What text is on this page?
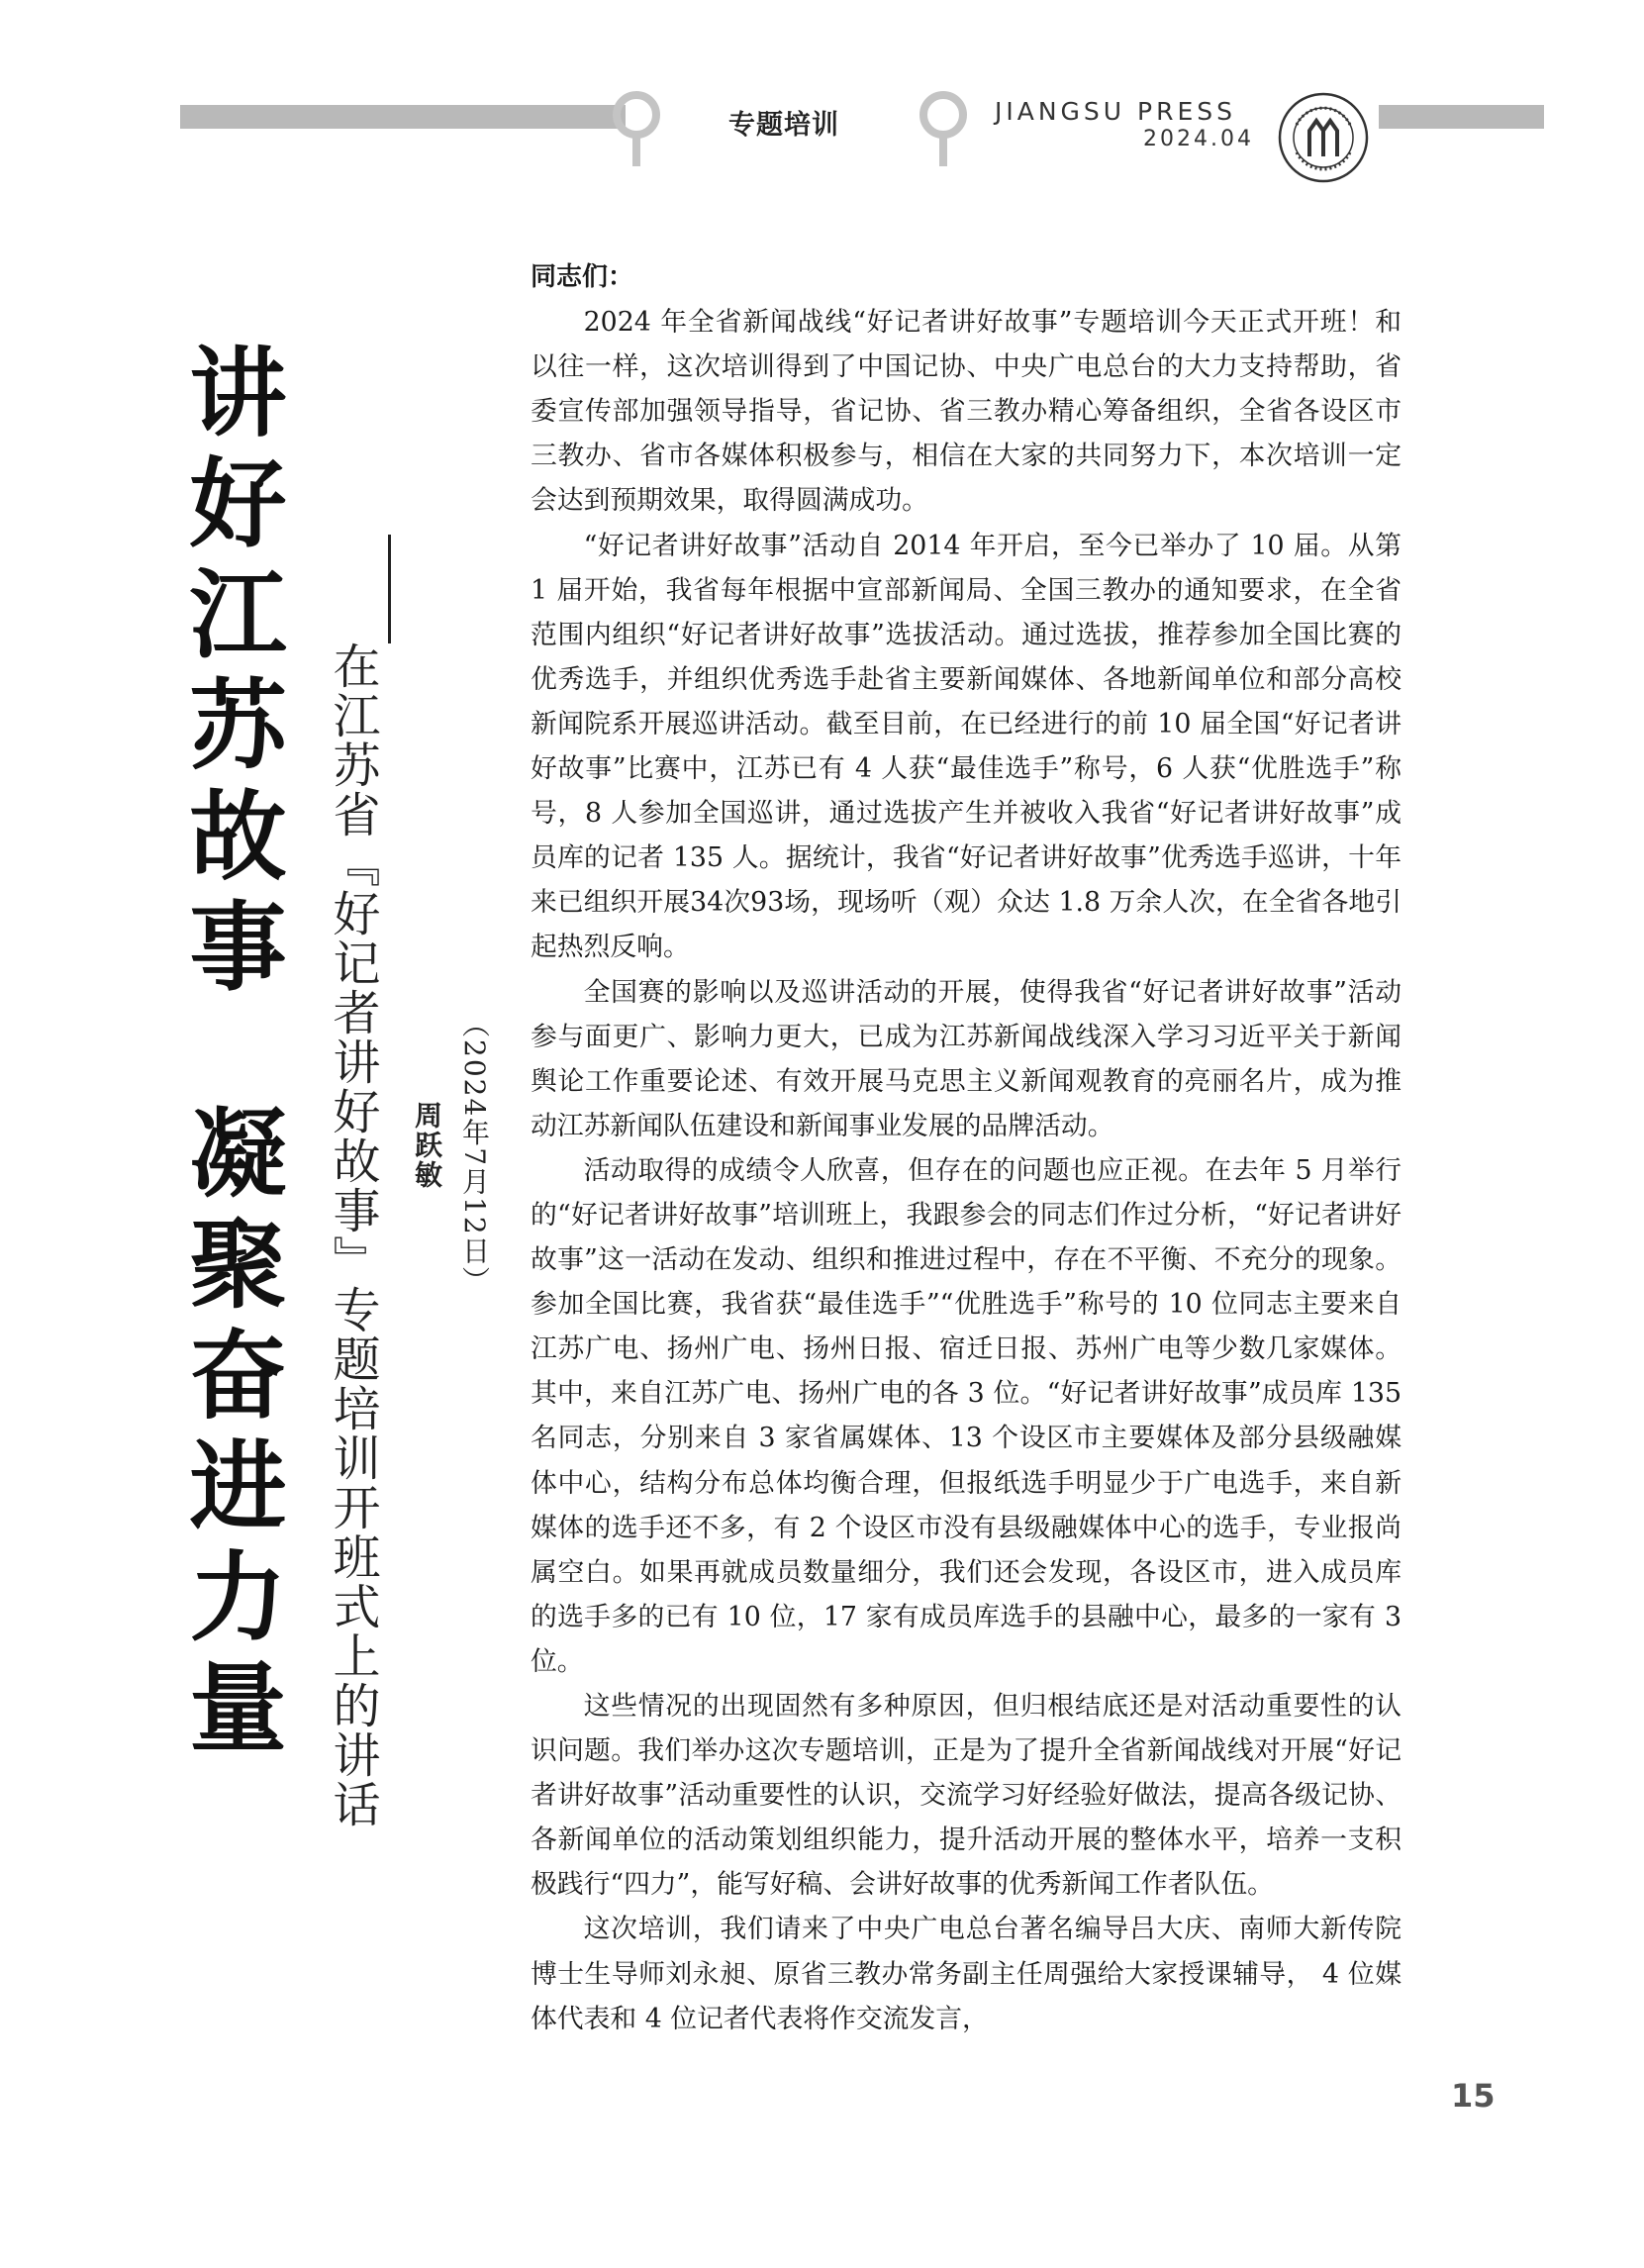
专题培训	JIANGSU PRESS
2024.04
讲好江苏故事  凝聚奋进力量 在江苏省『好记者讲好故事』专题培训开班式上的讲话	（2024年7月12日）
周跃敏
同志们：

2024 年全省新闻战线“好记者讲好故事”专题培训今天正式开班！和以往一样，这次培训得到了中国记协、中央广电总台的大力支持帮助，省委宣传部加强领导指导，省记协、省三教办精心筹备组织，全省各设区市三教办、省市各媒体积极参与，相信在大家的共同努力下，本次培训一定会达到预期效果，取得圆满成功。

“好记者讲好故事”活动自 2014 年开启，至今已举办了 10 届。从第 1 届开始，我省每年根据中宣部新闻局、全国三教办的通知要求，在全省范围内组织“好记者讲好故事”选拔活动。通过选拔，推荐参加全国比赛的优秀选手，并组织优秀选手赴省主要新闻媒体、各地新闻单位和部分高校新闻院系开展巡讲活动。截至目前，在已经进行的前 10 届全国“好记者讲好故事”比赛中，江苏已有 4 人获“最佳选手”称号，6 人获“优胜选手”称号，8 人参加全国巡讲，通过选拔产生并被收入我省“好记者讲好故事”成员库的记者 135 人。据统计，我省“好记者讲好故事”优秀选手巡讲，十年来已组织开展34次93场，现场听（观）众达 1.8 万余人次，在全省各地引起热烈反响。

全国赛的影响以及巡讲活动的开展，使得我省“好记者讲好故事”活动参与面更广、影响力更大，已成为江苏新闻战线深入学习习近平关于新闻舆论工作重要论述、有效开展马克思主义新闻观教育的亮丽名片，成为推动江苏新闻队伍建设和新闻事业发展的品牌活动。

活动取得的成绩令人欣喜，但存在的问题也应正视。在去年 5 月举行的“好记者讲好故事”培训班上，我跟参会的同志们作过分析，“好记者讲好故事”这一活动在发动、组织和推进过程中，存在不平衡、不充分的现象。参加全国比赛，我省获“最佳选手”“优胜选手”称号的 10 位同志主要来自江苏广电、扬州广电、扬州日报、宿迁日报、苏州广电等少数几家媒体。其中，来自江苏广电、扬州广电的各 3 位。“好记者讲好故事”成员库 135 名同志，分别来自 3 家省属媒体、13 个设区市主要媒体及部分县级融媒体中心，结构分布总体均衡合理，但报纸选手明显少于广电选手，来自新媒体的选手还不多，有 2 个设区市没有县级融媒体中心的选手，专业报尚属空白。如果再就成员数量细分，我们还会发现，各设区市，进入成员库的选手多的已有 10 位，17 家有成员库选手的县融中心，最多的一家有 3 位。

这些情况的出现固然有多种原因，但归根结底还是对活动重要性的认识问题。我们举办这次专题培训，正是为了提升全省新闻战线对开展“好记者讲好故事”活动重要性的认识，交流学习好经验好做法，提高各级记协、各新闻单位的活动策划组织能力，提升活动开展的整体水平，培养一支积极践行“四力”，能写好稿、会讲好故事的优秀新闻工作者队伍。

这次培训，我们请来了中央广电总台著名编导吕大庆、南师大新传院博士生导师刘永昶、原省三教办常务副主任周强给大家授课辅导， 4 位媒体代表和 4 位记者代表将作交流发言，

15
